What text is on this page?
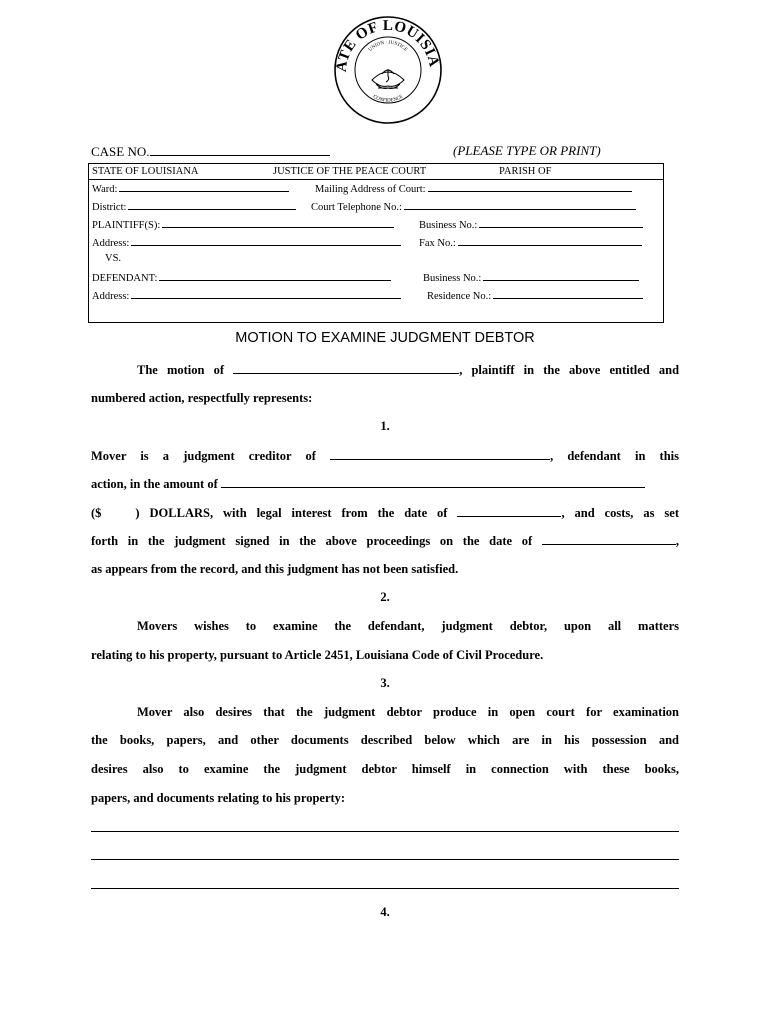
ATE OF LOUISIA
UNION · JUSTICE
CONFIDENCE
CASE NO.	(PLEASE TYPE OR PRINT)
STATE OF LOUISIANA	JUSTICE OF THE PEACE COURT	PARISH OF
Ward:	Mailing Address of Court:
District:	Court Telephone No.:
PLAINTIFF(S):	Business No.:
Address:	Fax No.:
VS.
DEFENDANT:	Business No.:
Address:	Residence No.:
MOTION TO EXAMINE JUDGMENT DEBTOR
The motion of	, plaintiff in the above entitled and
numbered action, respectfully represents:
1.
Mover is a judgment creditor of	, defendant in this
action, in the amount of
($	) DOLLARS, with legal interest from the date of	, and costs, as set
forth in the judgment signed in the above proceedings on the date of	,
as appears from the record, and this judgment has not been satisfied.
2.
Movers wishes to examine the defendant, judgment debtor, upon all matters
relating to his property, pursuant to Article 2451, Louisiana Code of Civil Procedure.
3.
Mover also desires that the judgment debtor produce in open court for examination
the books, papers, and other documents described below which are in his possession and
desires also to examine the judgment debtor himself in connection with these books,
papers, and documents relating to his property:
4.
